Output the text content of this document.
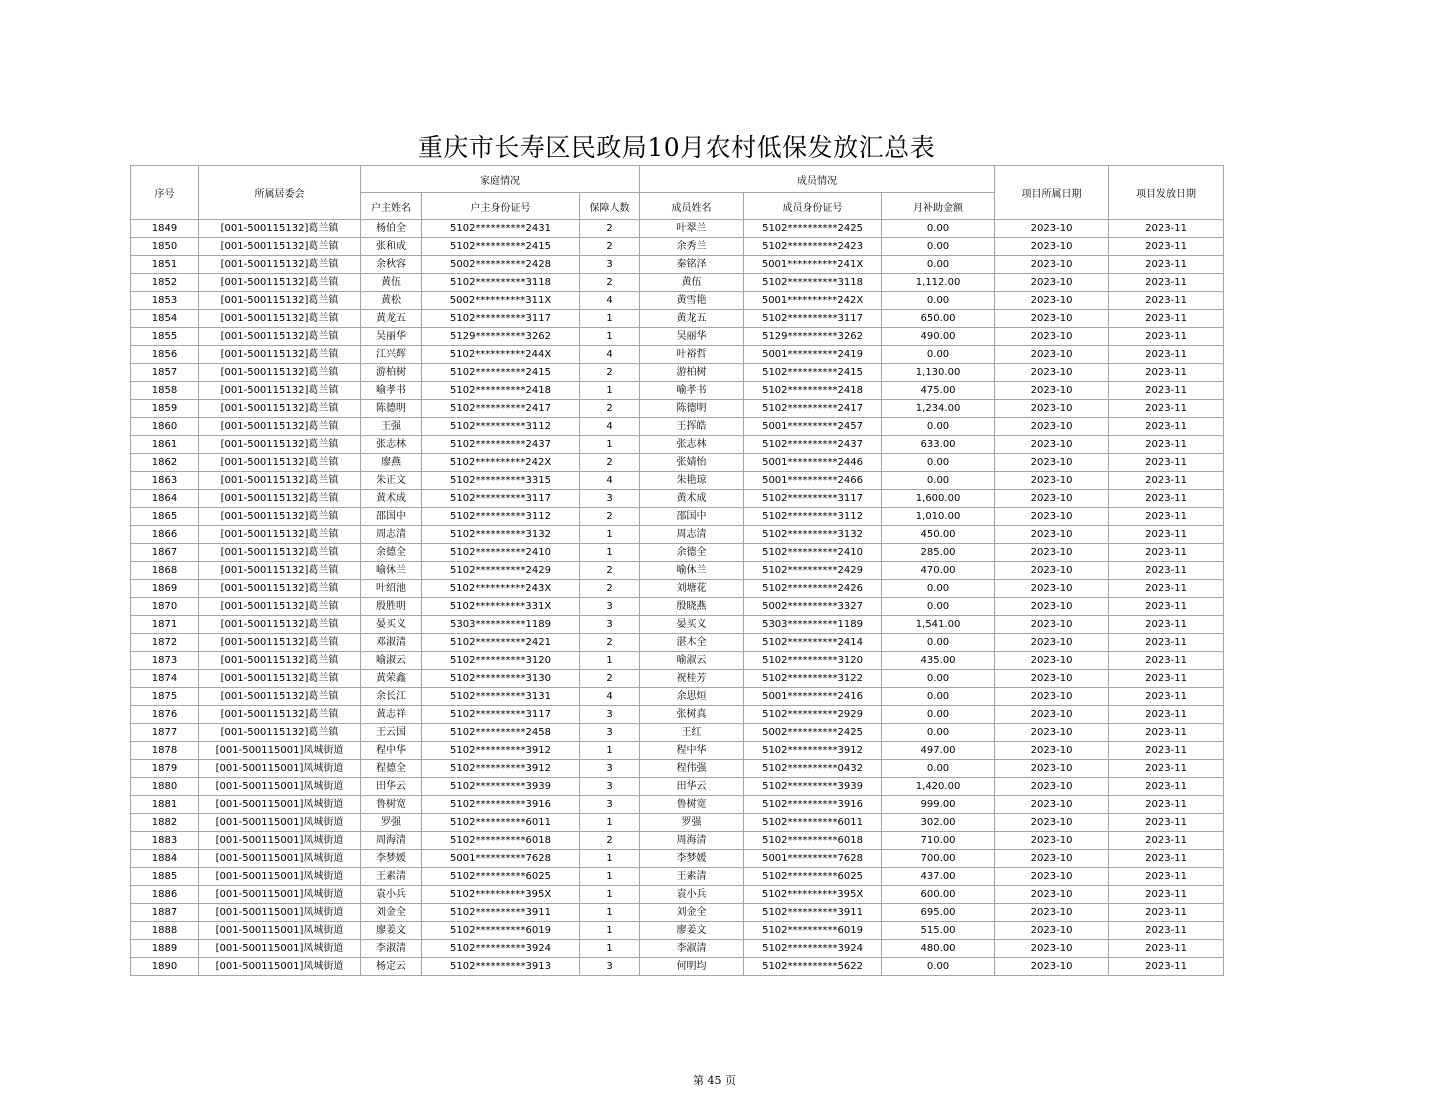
重庆市长寿区民政局10月农村低保发放汇总表
序号	所属居委会	家庭情况			成员情况			项目所属日期	项目发放日期
		户主姓名	户主身份证号	保障人数	成员姓名	成员身份证号	月补助金额		
1849	[001-500115132]葛兰镇	杨伯全	5102**********2431	2	叶翠兰	5102**********2425	0.00	2023-10	2023-11
1850	[001-500115132]葛兰镇	张和成	5102**********2415	2	余秀兰	5102**********2423	0.00	2023-10	2023-11
1851	[001-500115132]葛兰镇	余秋容	5002**********2428	3	秦铭泽	5001**********241X	0.00	2023-10	2023-11
1852	[001-500115132]葛兰镇	黄伍	5102**********3118	2	黄伍	5102**********3118	1,112.00	2023-10	2023-11
1853	[001-500115132]葛兰镇	黄松	5002**********311X	4	黄雪艳	5001**********242X	0.00	2023-10	2023-11
1854	[001-500115132]葛兰镇	黄龙五	5102**********3117	1	黄龙五	5102**********3117	650.00	2023-10	2023-11
1855	[001-500115132]葛兰镇	吴丽华	5129**********3262	1	吴丽华	5129**********3262	490.00	2023-10	2023-11
1856	[001-500115132]葛兰镇	江兴辉	5102**********244X	4	叶裕哲	5001**********2419	0.00	2023-10	2023-11
1857	[001-500115132]葛兰镇	游柏树	5102**********2415	2	游柏树	5102**********2415	1,130.00	2023-10	2023-11
1858	[001-500115132]葛兰镇	喻孝书	5102**********2418	1	喻孝书	5102**********2418	475.00	2023-10	2023-11
1859	[001-500115132]葛兰镇	陈德明	5102**********2417	2	陈德明	5102**********2417	1,234.00	2023-10	2023-11
1860	[001-500115132]葛兰镇	王强	5102**********3112	4	王挥皓	5001**********2457	0.00	2023-10	2023-11
1861	[001-500115132]葛兰镇	张志林	5102**********2437	1	张志林	5102**********2437	633.00	2023-10	2023-11
1862	[001-500115132]葛兰镇	廖燕	5102**********242X	2	张婧怡	5001**********2446	0.00	2023-10	2023-11
1863	[001-500115132]葛兰镇	朱正文	5102**********3315	4	朱艳琼	5001**********2466	0.00	2023-10	2023-11
1864	[001-500115132]葛兰镇	黄术成	5102**********3117	3	黄术成	5102**********3117	1,600.00	2023-10	2023-11
1865	[001-500115132]葛兰镇	邵国中	5102**********3112	2	邵国中	5102**********3112	1,010.00	2023-10	2023-11
1866	[001-500115132]葛兰镇	周志清	5102**********3132	1	周志清	5102**********3132	450.00	2023-10	2023-11
1867	[001-500115132]葛兰镇	余德全	5102**********2410	1	余德全	5102**********2410	285.00	2023-10	2023-11
1868	[001-500115132]葛兰镇	喻休兰	5102**********2429	2	喻休兰	5102**********2429	470.00	2023-10	2023-11
1869	[001-500115132]葛兰镇	叶绍池	5102**********243X	2	刘塘花	5102**********2426	0.00	2023-10	2023-11
1870	[001-500115132]葛兰镇	殷胜明	5102**********331X	3	殷晓燕	5002**********3327	0.00	2023-10	2023-11
1871	[001-500115132]葛兰镇	晏买义	5303**********1189	3	晏买义	5303**********1189	1,541.00	2023-10	2023-11
1872	[001-500115132]葛兰镇	邓淑清	5102**********2421	2	湛木全	5102**********2414	0.00	2023-10	2023-11
1873	[001-500115132]葛兰镇	喻淑云	5102**********3120	1	喻淑云	5102**********3120	435.00	2023-10	2023-11
1874	[001-500115132]葛兰镇	黄荣鑫	5102**********3130	2	祝桂芳	5102**********3122	0.00	2023-10	2023-11
1875	[001-500115132]葛兰镇	余长江	5102**********3131	4	余思烜	5001**********2416	0.00	2023-10	2023-11
1876	[001-500115132]葛兰镇	黄志祥	5102**********3117	3	张树真	5102**********2929	0.00	2023-10	2023-11
1877	[001-500115132]葛兰镇	王云国	5102**********2458	3	王红	5002**********2425	0.00	2023-10	2023-11
1878	[001-500115001]凤城街道	程中华	5102**********3912	1	程中华	5102**********3912	497.00	2023-10	2023-11
1879	[001-500115001]凤城街道	程德全	5102**********3912	3	程伟强	5102**********0432	0.00	2023-10	2023-11
1880	[001-500115001]凤城街道	田华云	5102**********3939	3	田华云	5102**********3939	1,420.00	2023-10	2023-11
1881	[001-500115001]凤城街道	鲁树宽	5102**********3916	3	鲁树宽	5102**********3916	999.00	2023-10	2023-11
1882	[001-500115001]凤城街道	罗强	5102**********6011	1	罗强	5102**********6011	302.00	2023-10	2023-11
1883	[001-500115001]凤城街道	周海清	5102**********6018	2	周海清	5102**********6018	710.00	2023-10	2023-11
1884	[001-500115001]凤城街道	李梦媛	5001**********7628	1	李梦媛	5001**********7628	700.00	2023-10	2023-11
1885	[001-500115001]凤城街道	王素清	5102**********6025	1	王素清	5102**********6025	437.00	2023-10	2023-11
1886	[001-500115001]凤城街道	袁小兵	5102**********395X	1	袁小兵	5102**********395X	600.00	2023-10	2023-11
1887	[001-500115001]凤城街道	刘金全	5102**********3911	1	刘金全	5102**********3911	695.00	2023-10	2023-11
1888	[001-500115001]凤城街道	廖姜文	5102**********6019	1	廖姜文	5102**********6019	515.00	2023-10	2023-11
1889	[001-500115001]凤城街道	李淑清	5102**********3924	1	李淑清	5102**********3924	480.00	2023-10	2023-11
1890	[001-500115001]凤城街道	杨定云	5102**********3913	3	何明均	5102**********5622	0.00	2023-10	2023-11
第 45 页
